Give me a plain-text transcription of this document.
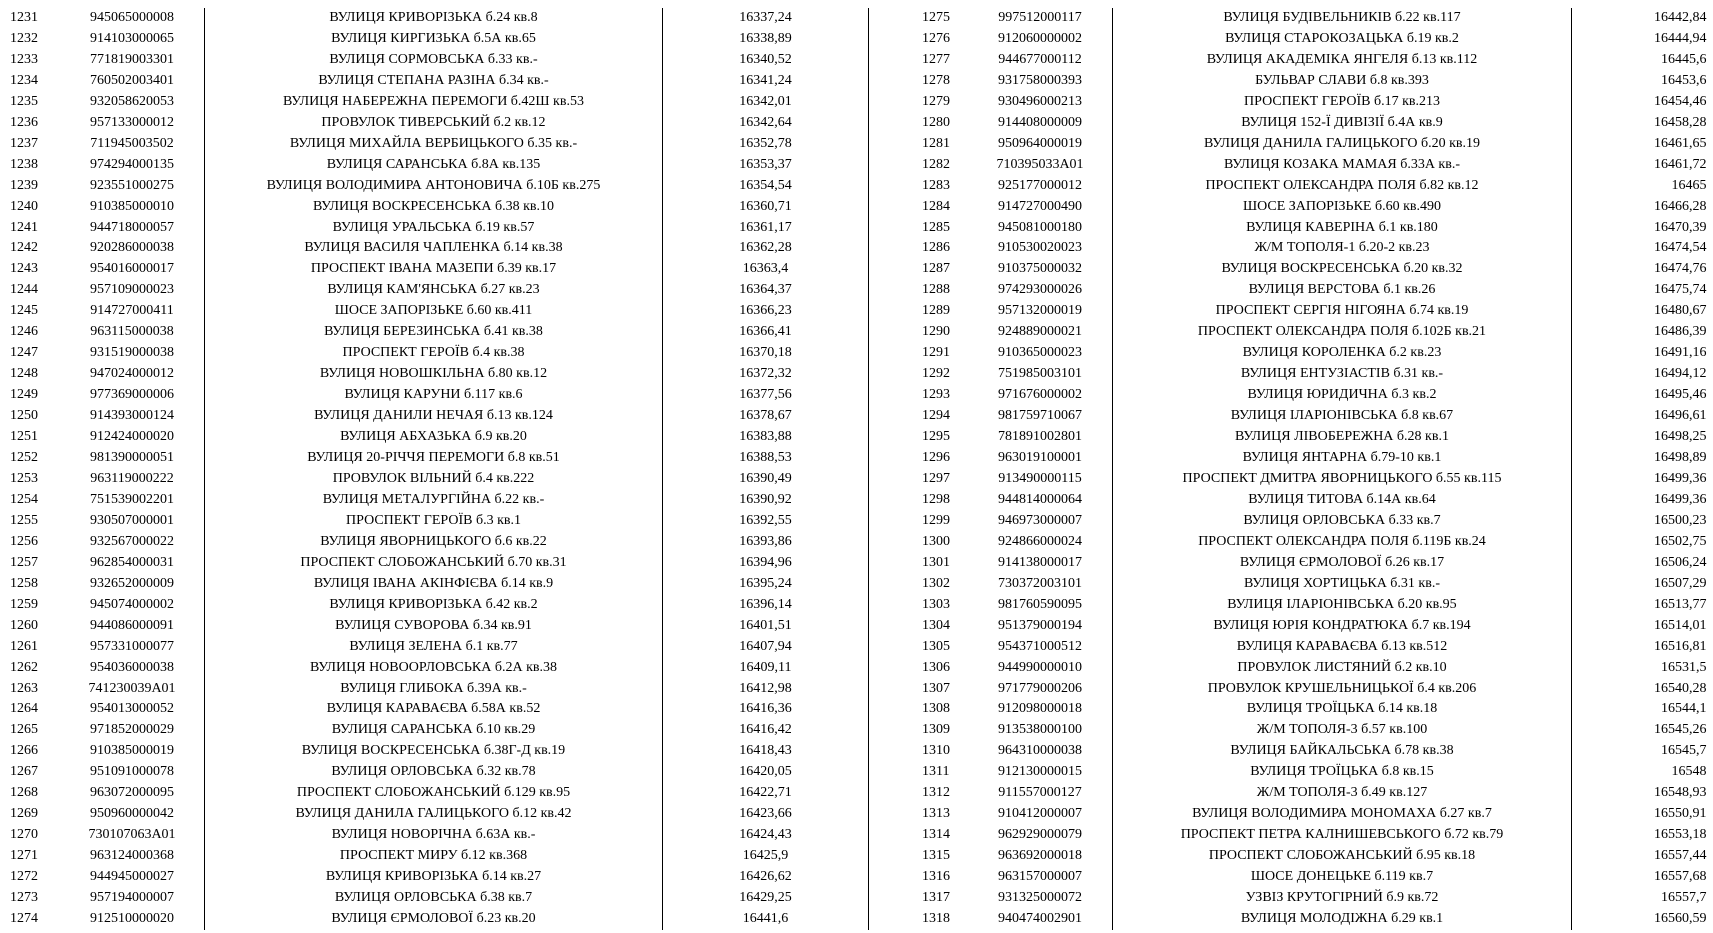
1231	945065000008	ВУЛИЦЯ КРИВОРІЗЬКА б.24 кв.8	16337,24
1232	914103000065	ВУЛИЦЯ КИРГИЗЬКА б.5А кв.65	16338,89
1233	771819003301	ВУЛИЦЯ СОРМОВСЬКА б.33 кв.-	16340,52
1234	760502003401	ВУЛИЦЯ СТЕПАНА РАЗІНА б.34 кв.-	16341,24
1235	932058620053	ВУЛИЦЯ НАБЕРЕЖНА ПЕРЕМОГИ б.42Ш кв.53	16342,01
1236	957133000012	ПРОВУЛОК ТИВЕРСЬКИЙ б.2 кв.12	16342,64
1237	711945003502	ВУЛИЦЯ МИХАЙЛА ВЕРБИЦЬКОГО б.35 кв.-	16352,78
1238	974294000135	ВУЛИЦЯ САРАНСЬКА б.8А кв.135	16353,37
1239	923551000275	ВУЛИЦЯ ВОЛОДИМИРА АНТОНОВИЧА б.10Б кв.275	16354,54
1240	910385000010	ВУЛИЦЯ ВОСКРЕСЕНСЬКА б.38 кв.10	16360,71
1241	944718000057	ВУЛИЦЯ УРАЛЬСЬКА б.19 кв.57	16361,17
1242	920286000038	ВУЛИЦЯ ВАСИЛЯ ЧАПЛЕНКА б.14 кв.38	16362,28
1243	954016000017	ПРОСПЕКТ ІВАНА МАЗЕПИ б.39 кв.17	16363,4
1244	957109000023	ВУЛИЦЯ КАМ'ЯНСЬКА б.27 кв.23	16364,37
1245	914727000411	ШОСЕ ЗАПОРІЗЬКЕ б.60 кв.411	16366,23
1246	963115000038	ВУЛИЦЯ БЕРЕЗИНСЬКА б.41 кв.38	16366,41
1247	931519000038	ПРОСПЕКТ ГЕРОЇВ б.4 кв.38	16370,18
1248	947024000012	ВУЛИЦЯ НОВОШКІЛЬНА б.80 кв.12	16372,32
1249	977369000006	ВУЛИЦЯ КАРУНИ б.117 кв.6	16377,56
1250	914393000124	ВУЛИЦЯ ДАНИЛИ НЕЧАЯ б.13 кв.124	16378,67
1251	912424000020	ВУЛИЦЯ АБХАЗЬКА б.9 кв.20	16383,88
1252	981390000051	ВУЛИЦЯ 20-РІЧЧЯ ПЕРЕМОГИ б.8 кв.51	16388,53
1253	963119000222	ПРОВУЛОК ВІЛЬНИЙ б.4 кв.222	16390,49
1254	751539002201	ВУЛИЦЯ МЕТАЛУРГІЙНА б.22 кв.-	16390,92
1255	930507000001	ПРОСПЕКТ ГЕРОЇВ б.3 кв.1	16392,55
1256	932567000022	ВУЛИЦЯ ЯВОРНИЦЬКОГО б.6 кв.22	16393,86
1257	962854000031	ПРОСПЕКТ СЛОБОЖАНСЬКИЙ б.70 кв.31	16394,96
1258	932652000009	ВУЛИЦЯ ІВАНА АКІНФІЄВА б.14 кв.9	16395,24
1259	945074000002	ВУЛИЦЯ КРИВОРІЗЬКА б.42 кв.2	16396,14
1260	944086000091	ВУЛИЦЯ СУВОРОВА б.34 кв.91	16401,51
1261	957331000077	ВУЛИЦЯ ЗЕЛЕНА б.1 кв.77	16407,94
1262	954036000038	ВУЛИЦЯ НОВООРЛОВСЬКА б.2А кв.38	16409,11
1263	741230039A01	ВУЛИЦЯ ГЛИБОКА б.39А кв.-	16412,98
1264	954013000052	ВУЛИЦЯ КАРАВАЄВА б.58А кв.52	16416,36
1265	971852000029	ВУЛИЦЯ САРАНСЬКА б.10 кв.29	16416,42
1266	910385000019	ВУЛИЦЯ ВОСКРЕСЕНСЬКА б.38Г-Д кв.19	16418,43
1267	951091000078	ВУЛИЦЯ ОРЛОВСЬКА б.32 кв.78	16420,05
1268	963072000095	ПРОСПЕКТ СЛОБОЖАНСЬКИЙ б.129 кв.95	16422,71
1269	950960000042	ВУЛИЦЯ ДАНИЛА ГАЛИЦЬКОГО б.12 кв.42	16423,66
1270	730107063A01	ВУЛИЦЯ НОВОРІЧНА б.63А кв.-	16424,43
1271	963124000368	ПРОСПЕКТ МИРУ б.12 кв.368	16425,9
1272	944945000027	ВУЛИЦЯ КРИВОРІЗЬКА б.14 кв.27	16426,62
1273	957194000007	ВУЛИЦЯ ОРЛОВСЬКА б.38 кв.7	16429,25
1274	912510000020	ВУЛИЦЯ ЄРМОЛОВОЇ б.23 кв.20	16441,6
1275	997512000117	ВУЛИЦЯ БУДІВЕЛЬНИКІВ б.22 кв.117	16442,84
1276	912060000002	ВУЛИЦЯ СТАРОКОЗАЦЬКА б.19 кв.2	16444,94
1277	944677000112	ВУЛИЦЯ АКАДЕМІКА ЯНГЕЛЯ б.13 кв.112	16445,6
1278	931758000393	БУЛЬВАР СЛАВИ б.8 кв.393	16453,6
1279	930496000213	ПРОСПЕКТ ГЕРОЇВ б.17 кв.213	16454,46
1280	914408000009	ВУЛИЦЯ 152-Ї ДИВІЗІЇ б.4А кв.9	16458,28
1281	950964000019	ВУЛИЦЯ ДАНИЛА ГАЛИЦЬКОГО б.20 кв.19	16461,65
1282	710395033A01	ВУЛИЦЯ КОЗАКА МАМАЯ б.33А кв.-	16461,72
1283	925177000012	ПРОСПЕКТ ОЛЕКСАНДРА ПОЛЯ б.82 кв.12	16465
1284	914727000490	ШОСЕ ЗАПОРІЗЬКЕ б.60 кв.490	16466,28
1285	945081000180	ВУЛИЦЯ КАВЕРІНА б.1 кв.180	16470,39
1286	910530020023	Ж/М ТОПОЛЯ-1 б.20-2 кв.23	16474,54
1287	910375000032	ВУЛИЦЯ ВОСКРЕСЕНСЬКА б.20 кв.32	16474,76
1288	974293000026	ВУЛИЦЯ ВЕРСТОВА б.1 кв.26	16475,74
1289	957132000019	ПРОСПЕКТ СЕРГІЯ НІГОЯНА б.74 кв.19	16480,67
1290	924889000021	ПРОСПЕКТ ОЛЕКСАНДРА ПОЛЯ б.102Б кв.21	16486,39
1291	910365000023	ВУЛИЦЯ КОРОЛЕНКА б.2 кв.23	16491,16
1292	751985003101	ВУЛИЦЯ ЕНТУЗІАСТІВ б.31 кв.-	16494,12
1293	971676000002	ВУЛИЦЯ ЮРИДИЧНА б.3 кв.2	16495,46
1294	981759710067	ВУЛИЦЯ ІЛАРІОНІВСЬКА б.8 кв.67	16496,61
1295	781891002801	ВУЛИЦЯ ЛІВОБЕРЕЖНА б.28 кв.1	16498,25
1296	963019100001	ВУЛИЦЯ ЯНТАРНА б.79-10 кв.1	16498,89
1297	913490000115	ПРОСПЕКТ ДМИТРА ЯВОРНИЦЬКОГО б.55 кв.115	16499,36
1298	944814000064	ВУЛИЦЯ ТИТОВА б.14А кв.64	16499,36
1299	946973000007	ВУЛИЦЯ ОРЛОВСЬКА б.33 кв.7	16500,23
1300	924866000024	ПРОСПЕКТ ОЛЕКСАНДРА ПОЛЯ б.119Б кв.24	16502,75
1301	914138000017	ВУЛИЦЯ ЄРМОЛОВОЇ б.26 кв.17	16506,24
1302	730372003101	ВУЛИЦЯ ХОРТИЦЬКА б.31 кв.-	16507,29
1303	981760590095	ВУЛИЦЯ ІЛАРІОНІВСЬКА б.20 кв.95	16513,77
1304	951379000194	ВУЛИЦЯ ЮРІЯ КОНДРАТЮКА б.7 кв.194	16514,01
1305	954371000512	ВУЛИЦЯ КАРАВАЄВА б.13 кв.512	16516,81
1306	944990000010	ПРОВУЛОК ЛИСТЯНИЙ б.2 кв.10	16531,5
1307	971779000206	ПРОВУЛОК КРУШЕЛЬНИЦЬКОЇ б.4 кв.206	16540,28
1308	912098000018	ВУЛИЦЯ ТРОЇЦЬКА б.14 кв.18	16544,1
1309	913538000100	Ж/М ТОПОЛЯ-3 б.57 кв.100	16545,26
1310	964310000038	ВУЛИЦЯ БАЙКАЛЬСЬКА б.78 кв.38	16545,7
1311	912130000015	ВУЛИЦЯ ТРОЇЦЬКА б.8 кв.15	16548
1312	911557000127	Ж/М ТОПОЛЯ-3 б.49 кв.127	16548,93
1313	910412000007	ВУЛИЦЯ ВОЛОДИМИРА МОНОМАХА б.27 кв.7	16550,91
1314	962929000079	ПРОСПЕКТ ПЕТРА КАЛНИШЕВСЬКОГО б.72 кв.79	16553,18
1315	963692000018	ПРОСПЕКТ СЛОБОЖАНСЬКИЙ б.95 кв.18	16557,44
1316	963157000007	ШОСЕ ДОНЕЦЬКЕ б.119 кв.7	16557,68
1317	931325000072	УЗВІЗ КРУТОГІРНИЙ б.9 кв.72	16557,7
1318	940474002901	ВУЛИЦЯ МОЛОДІЖНА б.29 кв.1	16560,59
